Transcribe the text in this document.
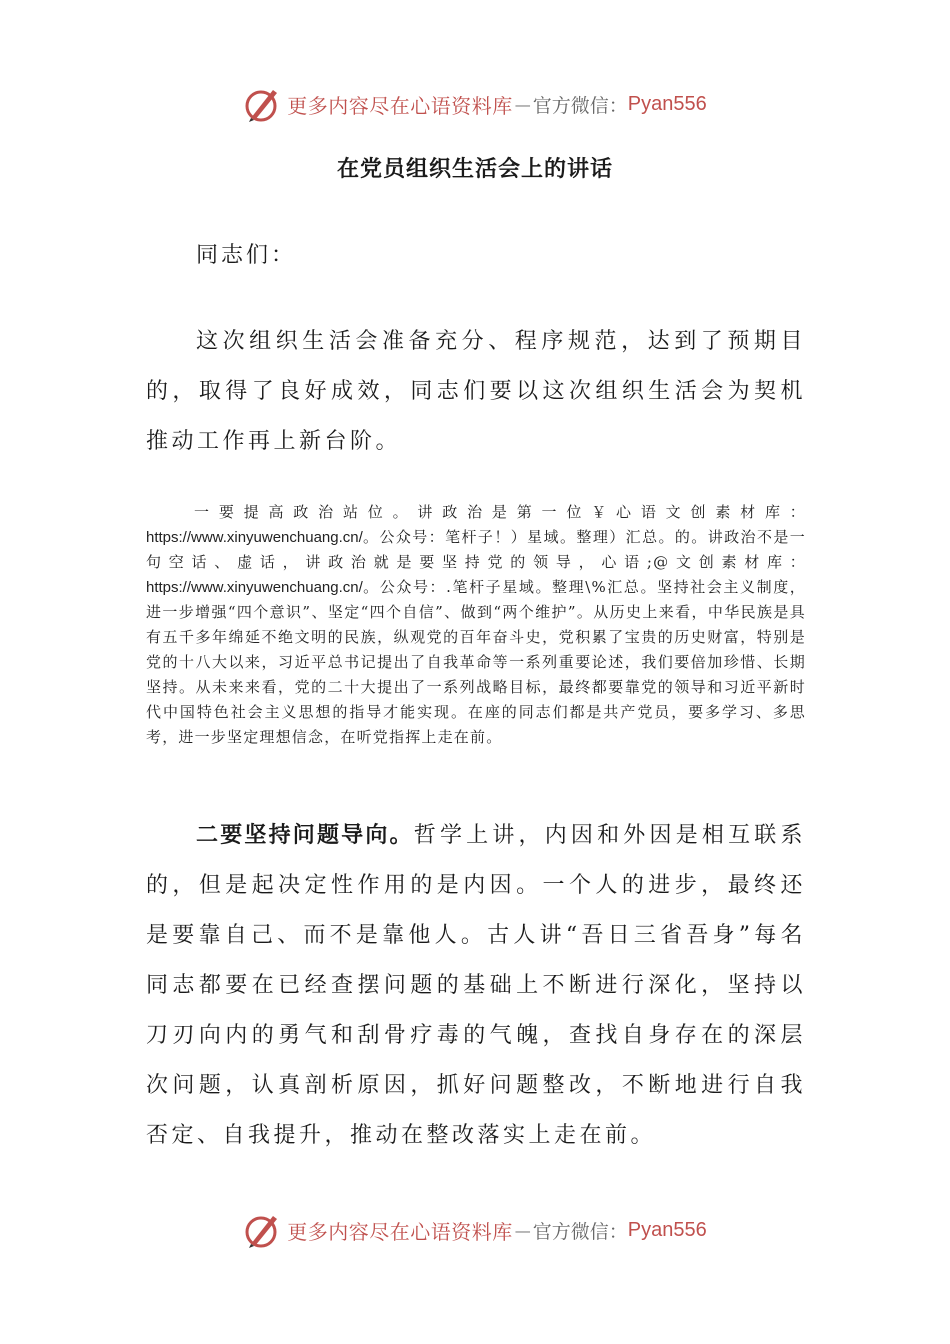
更多内容尽在心语资料库 — 官方微信： Pyan556
在党员组织生活会上的讲话
同志们：

这次组织生活会准备充分、程序规范，达到了预期目的，取得了良好成效，同志们要以这次组织生活会为契机推动工作再上新台阶。

一要提高政治站位。讲政治是第一位￥心语文创素材库：https://www.xinyuwenchuang.cn/。公众号：笔杆子！）星域。整理）汇总。的。讲政治不是一句空话、虚话，讲政治就是要坚持党的领导，心语;@文创素材库：https://www.xinyuwenchuang.cn/。公众号：.笔杆子星域。整理\%汇总。坚持社会主义制度，进一步增强“四个意识”、坚定“四个自信”、做到“两个维护”。从历史上来看，中华民族是具有五千多年绵延不绝文明的民族，纵观党的百年奋斗史，党积累了宝贵的历史财富，特别是党的十八大以来，习近平总书记提出了自我革命等一系列重要论述，我们要倍加珍惜、长期坚持。从未来来看，党的二十大提出了一系列战略目标，最终都要靠党的领导和习近平新时代中国特色社会主义思想的指导才能实现。在座的同志们都是共产党员，要多学习、多思考，进一步坚定理想信念，在听党指挥上走在前。

二要坚持问题导向。哲学上讲，内因和外因是相互联系的，但是起决定性作用的是内因。一个人的进步，最终还是要靠自己、而不是靠他人。古人讲“吾日三省吾身”每名同志都要在已经查摆问题的基础上不断进行深化，坚持以刀刃向内的勇气和刮骨疗毒的气魄，查找自身存在的深层次问题，认真剖析原因，抓好问题整改，不断地进行自我否定、自我提升，推动在整改落实上走在前。

更多内容尽在心语资料库 — 官方微信： Pyan556
